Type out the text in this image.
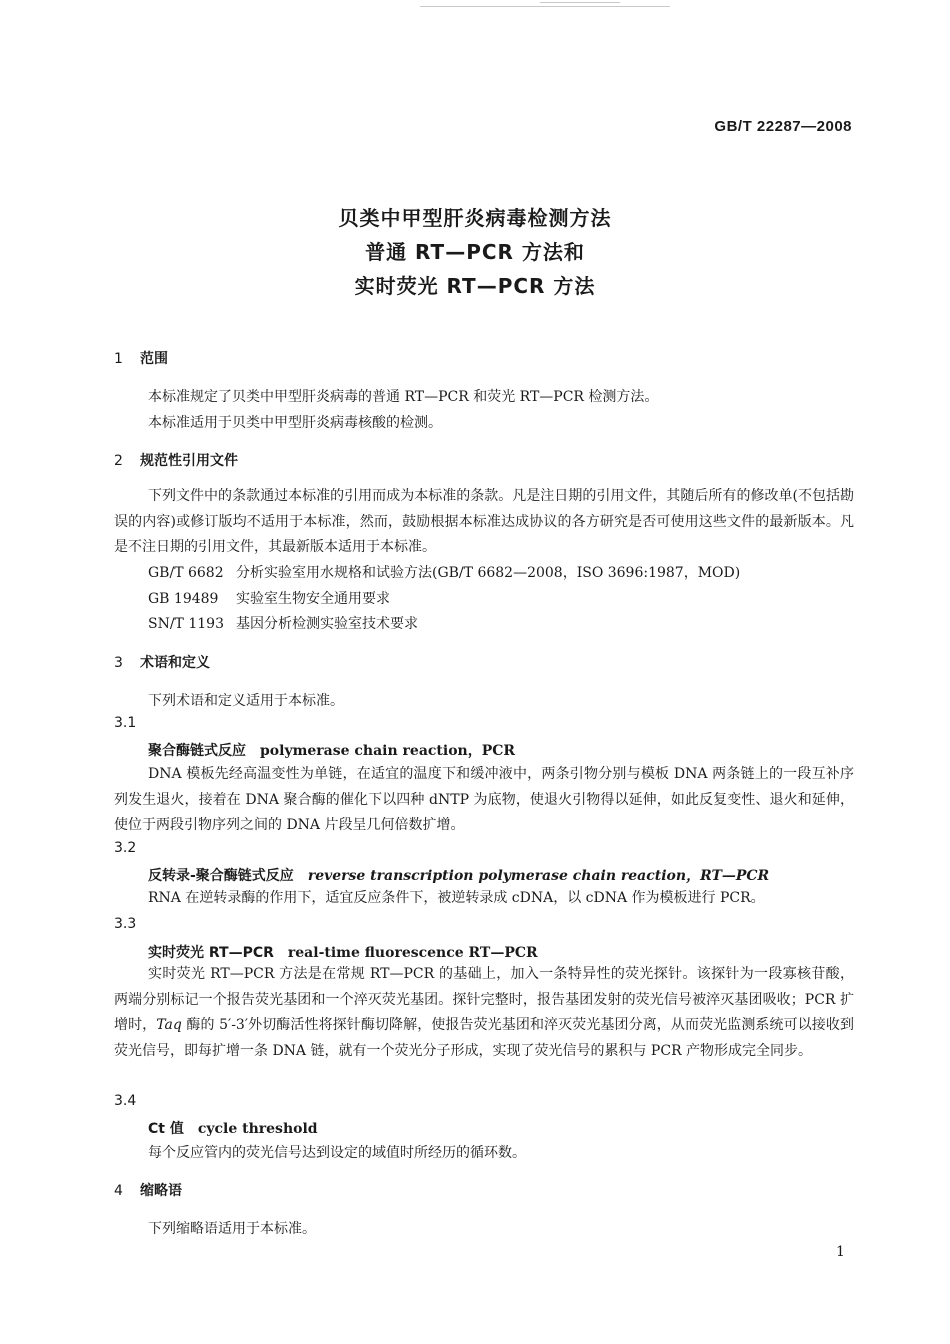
GB/T 22287—2008
贝类中甲型肝炎病毒检测方法
普通 RT—PCR 方法和
实时荧光 RT—PCR 方法
1 范围
本标准规定了贝类中甲型肝炎病毒的普通 RT—PCR 和荧光 RT—PCR 检测方法。
本标准适用于贝类中甲型肝炎病毒核酸的检测。
2 规范性引用文件
下列文件中的条款通过本标准的引用而成为本标准的条款。凡是注日期的引用文件，其随后所有的修改单(不包括勘误的内容)或修订版均不适用于本标准，然而，鼓励根据本标准达成协议的各方研究是否可使用这些文件的最新版本。凡是不注日期的引用文件，其最新版本适用于本标准。
GB/T 6682 分析实验室用水规格和试验方法(GB/T 6682—2008，ISO 3696:1987，MOD)
GB 19489 实验室生物安全通用要求
SN/T 1193 基因分析检测实验室技术要求
3 术语和定义
下列术语和定义适用于本标准。
3.1
聚合酶链式反应 polymerase chain reaction，PCR
DNA 模板先经高温变性为单链，在适宜的温度下和缓冲液中，两条引物分别与模板 DNA 两条链上的一段互补序列发生退火，接着在 DNA 聚合酶的催化下以四种 dNTP 为底物，使退火引物得以延伸，如此反复变性、退火和延伸，使位于两段引物序列之间的 DNA 片段呈几何倍数扩增。
3.2
反转录-聚合酶链式反应 reverse transcription polymerase chain reaction，RT—PCR
RNA 在逆转录酶的作用下，适宜反应条件下，被逆转录成 cDNA，以 cDNA 作为模板进行 PCR。
3.3
实时荧光 RT—PCR real-time fluorescence RT—PCR
实时荧光 RT—PCR 方法是在常规 RT—PCR 的基础上，加入一条特异性的荧光探针。该探针为一段寡核苷酸，两端分别标记一个报告荧光基团和一个淬灭荧光基团。探针完整时，报告基团发射的荧光信号被淬灭基团吸收；PCR 扩增时，Taq 酶的 5′-3′外切酶活性将探针酶切降解，使报告荧光基团和淬灭荧光基团分离，从而荧光监测系统可以接收到荧光信号，即每扩增一条 DNA 链，就有一个荧光分子形成，实现了荧光信号的累积与 PCR 产物形成完全同步。
3.4
Ct 值 cycle threshold
每个反应管内的荧光信号达到设定的域值时所经历的循环数。
4 缩略语
下列缩略语适用于本标准。
1
